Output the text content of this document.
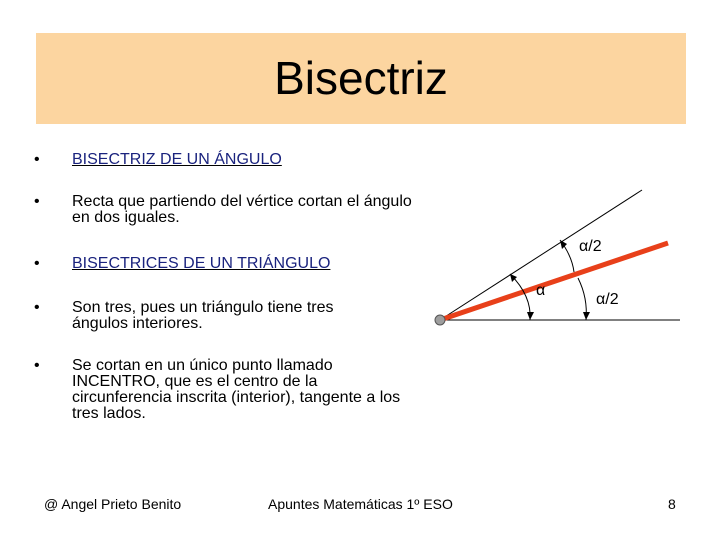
Bisectriz
• BISECTRIZ DE UN ÁNGULO
• Recta que partiendo del vértice cortan el ángulo en dos iguales.
• BISECTRICES DE UN TRIÁNGULO
• Son tres, pues un triángulo tiene tres ángulos interiores.
• Se cortan en un único punto llamado INCENTRO, que es el centro de la circunferencia inscrita (interior), tangente a los tres lados.
α
α/2
α/2
@ Angel Prieto Benito	Apuntes Matemáticas 1º ESO	8
